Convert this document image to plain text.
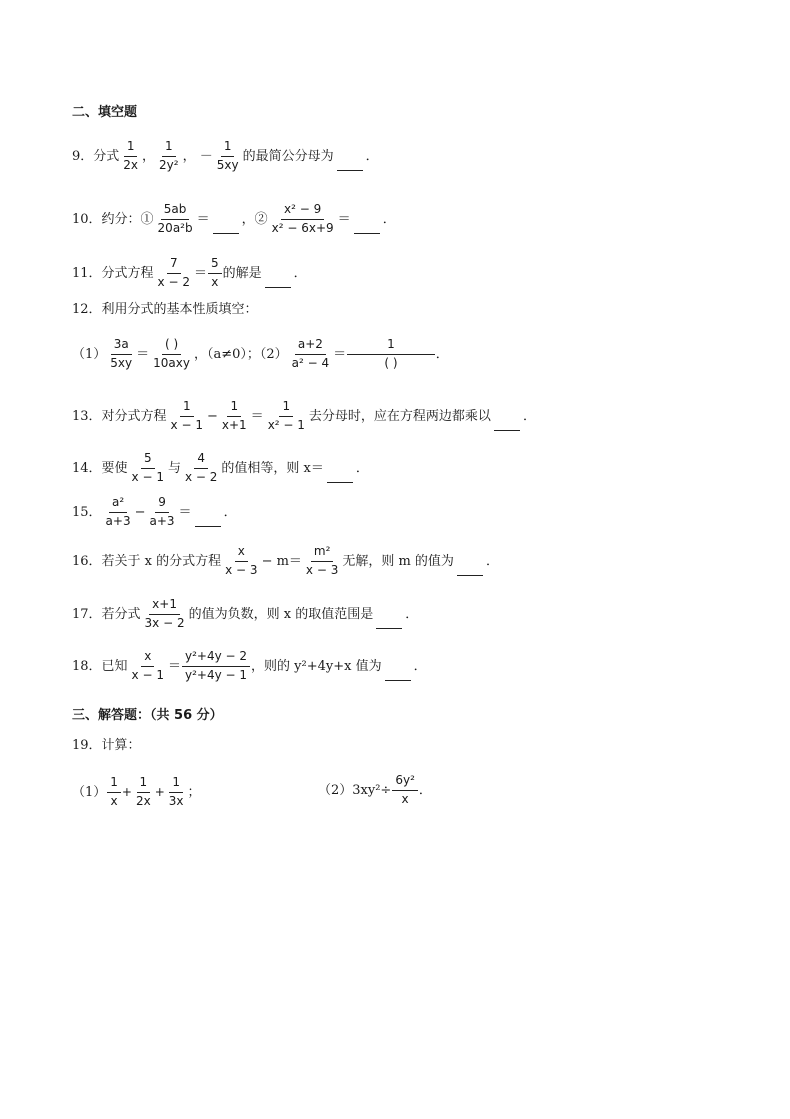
二、填空题
9．分式 $\frac{1}{2x}$ ， $\frac{1}{\text{2y²}}$ ， － $\frac{1}{5xy}$ 的最简公分母为 ．
10．约分：① $\frac{5ab}{\text{20a²b}}$ ＝ ，② $\frac{\text{x² − 9}}{\text{x² − 6x+9}}$ ＝ ．
11．分式方程 $\frac{7}{x - 2} = \frac{5}{x}$ 的解是 ．
12．利用分式的基本性质填空：
$(1) \frac{3a}{5xy} = \frac{( )}{\text{10axy}}$ ，（a≠0）；$(2) \frac{a+2}{\text{a² − 4}} = \frac{1}{( )}$ ．
13．对分式方程 $\frac{1}{x - 1} - \frac{1}{x+1} = \frac{1}{\text{x² − 1}}$ 去分母时，应在方程两边都乘以 ．
14．要使 $\frac{5}{x - 1}$ 与 $\frac{4}{x - 2}$ 的值相等，则 x＝ ．
15． $\frac{\text{a²}}{a+3} - \frac{9}{a+3}$ ＝ ．
16．若关于 x 的分式方程 $\frac{x}{x - 3} - m= \frac{\text{m²}}{x - 3}$ 无解，则 m 的值为 ．
17．若分式 $\frac{x+1}{3x - 2}$ 的值为负数，则 x 的取值范围是 ．
18．已知 $\frac{x}{x - 1} = \frac{\text{y²+4y − 2}}{\text{y²+4y − 1}}$ ，则的 y²+4y+x 值为 ．
三、解答题：（共 56 分）
19．计算：
$(1) \frac{1}{x} + \frac{1}{2x} + \frac{1}{3x}$ ；	$(2)3xy^2\div \frac{\text{6y²}}{x}$ ．
